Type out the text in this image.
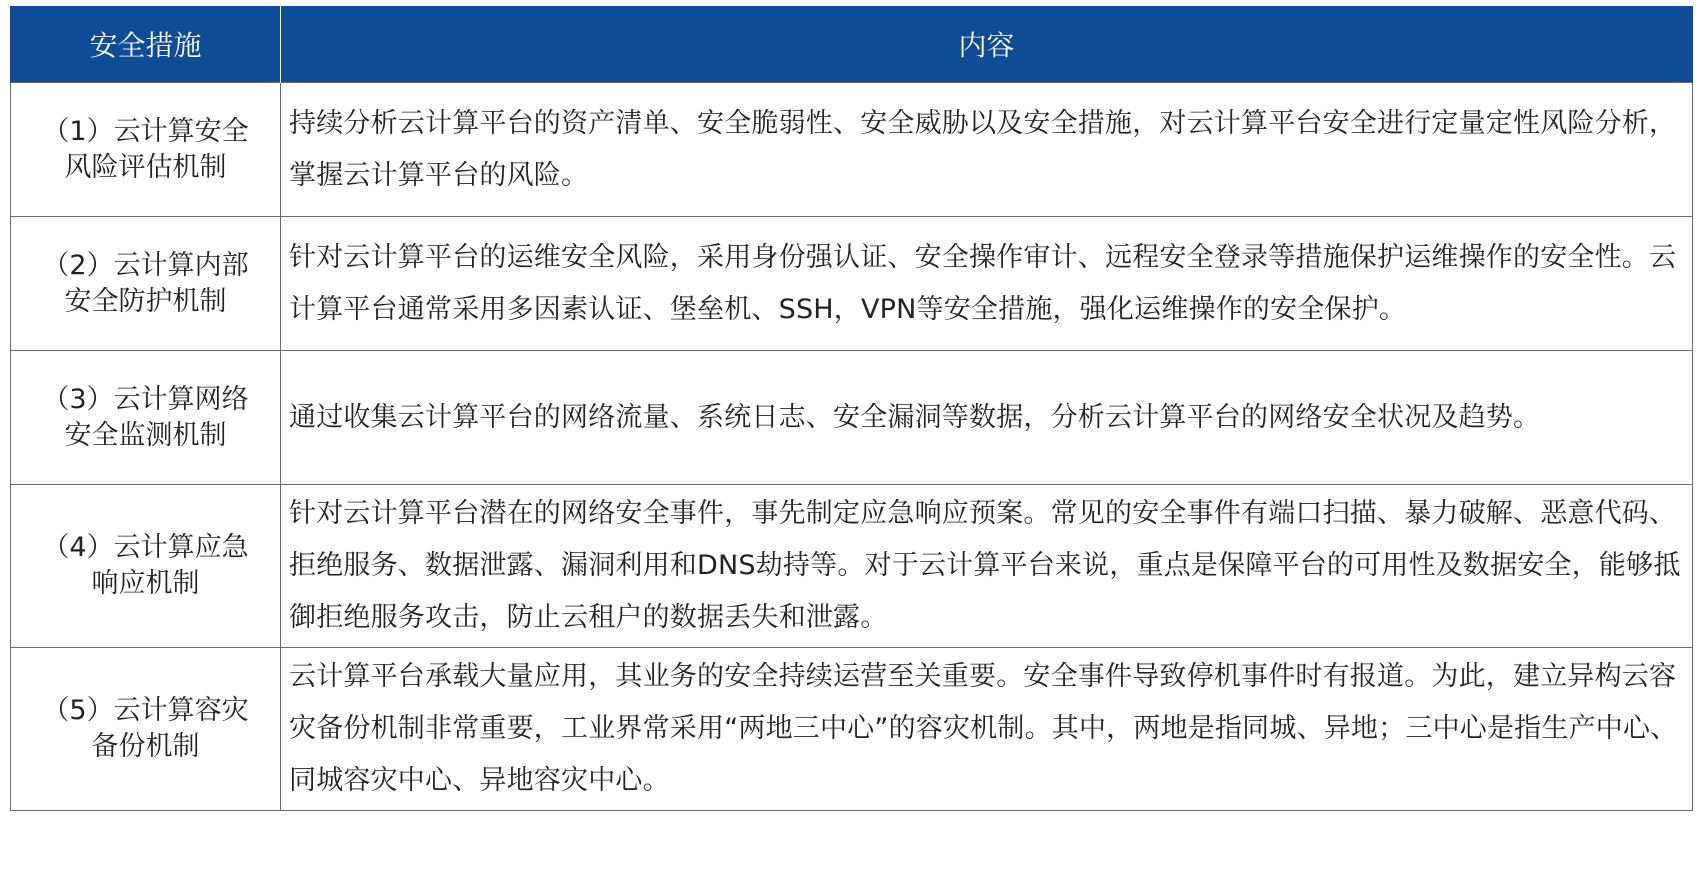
安全措施	内容

（1）云计算安全
风险评估机制	持续分析云计算平台的资产清单、安全脆弱性、安全威胁以及安全措施，对云计算平台安全进行定量定性风险分析，掌握云计算平台的风险。

（2）云计算内部
安全防护机制	针对云计算平台的运维安全风险，采用身份强认证、安全操作审计、远程安全登录等措施保护运维操作的安全性。云计算平台通常采用多因素认证、堡垒机、SSH，VPN等安全措施，强化运维操作的安全保护。

（3）云计算网络
安全监测机制	通过收集云计算平台的网络流量、系统日志、安全漏洞等数据，分析云计算平台的网络安全状况及趋势。

（4）云计算应急
响应机制	针对云计算平台潜在的网络安全事件，事先制定应急响应预案。常见的安全事件有端口扫描、暴力破解、恶意代码、拒绝服务、数据泄露、漏洞利用和DNS劫持等。对于云计算平台来说，重点是保障平台的可用性及数据安全，能够抵御拒绝服务攻击，防止云租户的数据丢失和泄露。

（5）云计算容灾
备份机制	云计算平台承载大量应用，其业务的安全持续运营至关重要。安全事件导致停机事件时有报道。为此，建立异构云容灾备份机制非常重要，工业界常采用“两地三中心”的容灾机制。其中，两地是指同城、异地；三中心是指生产中心、同城容灾中心、异地容灾中心。
